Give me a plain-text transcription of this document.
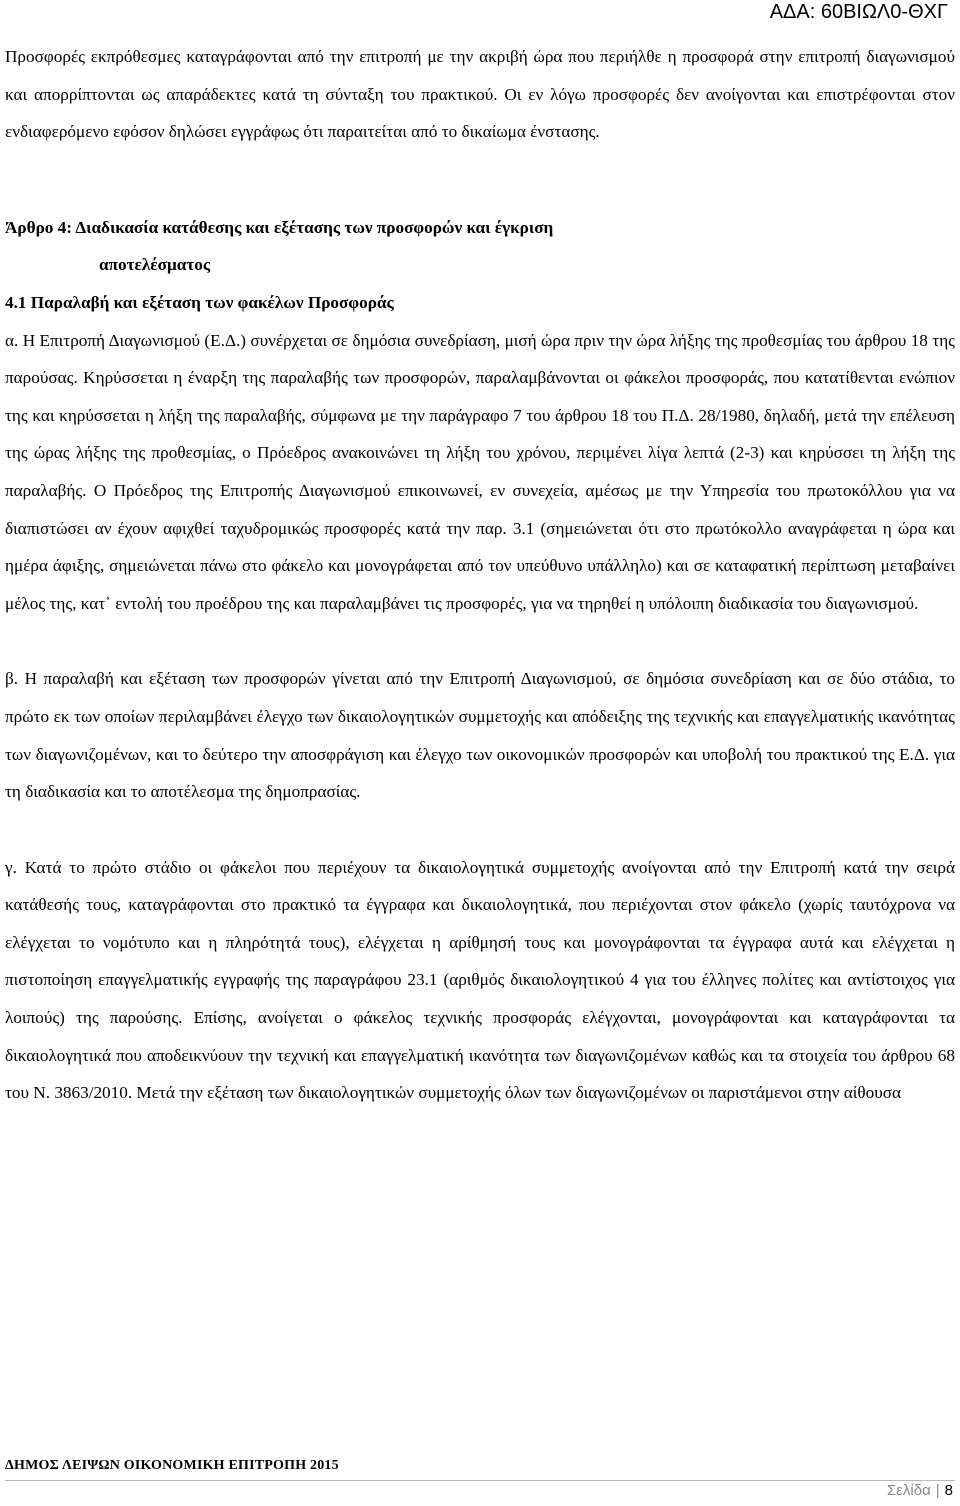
ΑΔΑ: 60ΒΙΩΛ0-ΘΧΓ

Προσφορές εκπρόθεσμες καταγράφονται από την επιτροπή με την ακριβή ώρα που περιήλθε η προσφορά στην επιτροπή διαγωνισμού και απορρίπτονται ως απαράδεκτες κατά τη σύνταξη του πρακτικού. Οι εν λόγω προσφορές δεν ανοίγονται και επιστρέφονται στον ενδιαφερόμενο εφόσον δηλώσει εγγράφως ότι παραιτείται από το δικαίωμα ένστασης.

Άρθρο 4: Διαδικασία κατάθεσης και εξέτασης των προσφορών και έγκριση

αποτελέσματος

4.1 Παραλαβή και εξέταση των φακέλων Προσφοράς

α. Η Επιτροπή Διαγωνισμού (Ε.Δ.) συνέρχεται σε δημόσια συνεδρίαση, μισή ώρα πριν την ώρα λήξης της προθεσμίας του άρθρου 18 της παρούσας. Κηρύσσεται η έναρξη της παραλαβής των προσφορών, παραλαμβάνονται οι φάκελοι προσφοράς, που κατατίθενται ενώπιον της και κηρύσσεται η λήξη της παραλαβής, σύμφωνα με την παράγραφο 7 του άρθρου 18 του Π.Δ. 28/1980, δηλαδή, μετά την επέλευση της ώρας λήξης της προθεσμίας, ο Πρόεδρος ανακοινώνει τη λήξη του χρόνου, περιμένει λίγα λεπτά (2-3) και κηρύσσει τη λήξη της παραλαβής. Ο Πρόεδρος της Επιτροπής Διαγωνισμού επικοινωνεί, εν συνεχεία, αμέσως με την Υπηρεσία του πρωτοκόλλου για να διαπιστώσει αν έχουν αφιχθεί ταχυδρομικώς προσφορές κατά την παρ. 3.1 (σημειώνεται ότι στο πρωτόκολλο αναγράφεται η ώρα και ημέρα άφιξης, σημειώνεται πάνω στο φάκελο και μονογράφεται από τον υπεύθυνο υπάλληλο) και σε καταφατική περίπτωση μεταβαίνει μέλος της, κατ᾽ εντολή του προέδρου της και παραλαμβάνει τις προσφορές, για να τηρηθεί η υπόλοιπη διαδικασία του διαγωνισμού.

β. Η παραλαβή και εξέταση των προσφορών γίνεται από την Επιτροπή Διαγωνισμού, σε δημόσια συνεδρίαση και σε δύο στάδια, το πρώτο εκ των οποίων περιλαμβάνει έλεγχο των δικαιολογητικών συμμετοχής και απόδειξης της τεχνικής και επαγγελματικής ικανότητας των διαγωνιζομένων, και το δεύτερο την αποσφράγιση και έλεγχο των οικονομικών προσφορών και υποβολή του πρακτικού της Ε.Δ. για τη διαδικασία και το αποτέλεσμα της δημοπρασίας.

γ. Κατά το πρώτο στάδιο οι φάκελοι που περιέχουν τα δικαιολογητικά συμμετοχής ανοίγονται από την Επιτροπή κατά την σειρά κατάθεσής τους, καταγράφονται στο πρακτικό τα έγγραφα και δικαιολογητικά, που περιέχονται στον φάκελο (χωρίς ταυτόχρονα να ελέγχεται το νομότυπο και η πληρότητά τους), ελέγχεται η αρίθμησή τους και μονογράφονται τα έγγραφα αυτά και ελέγχεται η πιστοποίηση επαγγελματικής εγγραφής της παραγράφου 23.1 (αριθμός δικαιολογητικού 4 για του έλληνες πολίτες και αντίστοιχος για λοιπούς) της παρούσης. Επίσης, ανοίγεται ο φάκελος τεχνικής προσφοράς ελέγχονται, μονογράφονται και καταγράφονται τα δικαιολογητικά που αποδεικνύουν την τεχνική και επαγγελματική ικανότητα των διαγωνιζομένων καθώς και τα στοιχεία του άρθρου 68 του Ν. 3863/2010. Μετά την εξέταση των δικαιολογητικών συμμετοχής όλων των διαγωνιζομένων οι παριστάμενοι στην αίθουσα

ΔΗΜΟΣ ΛΕΙΨΩΝ ΟΙΚΟΝΟΜΙΚΗ ΕΠΙΤΡΟΠΗ 2015
Σελίδα | 8
